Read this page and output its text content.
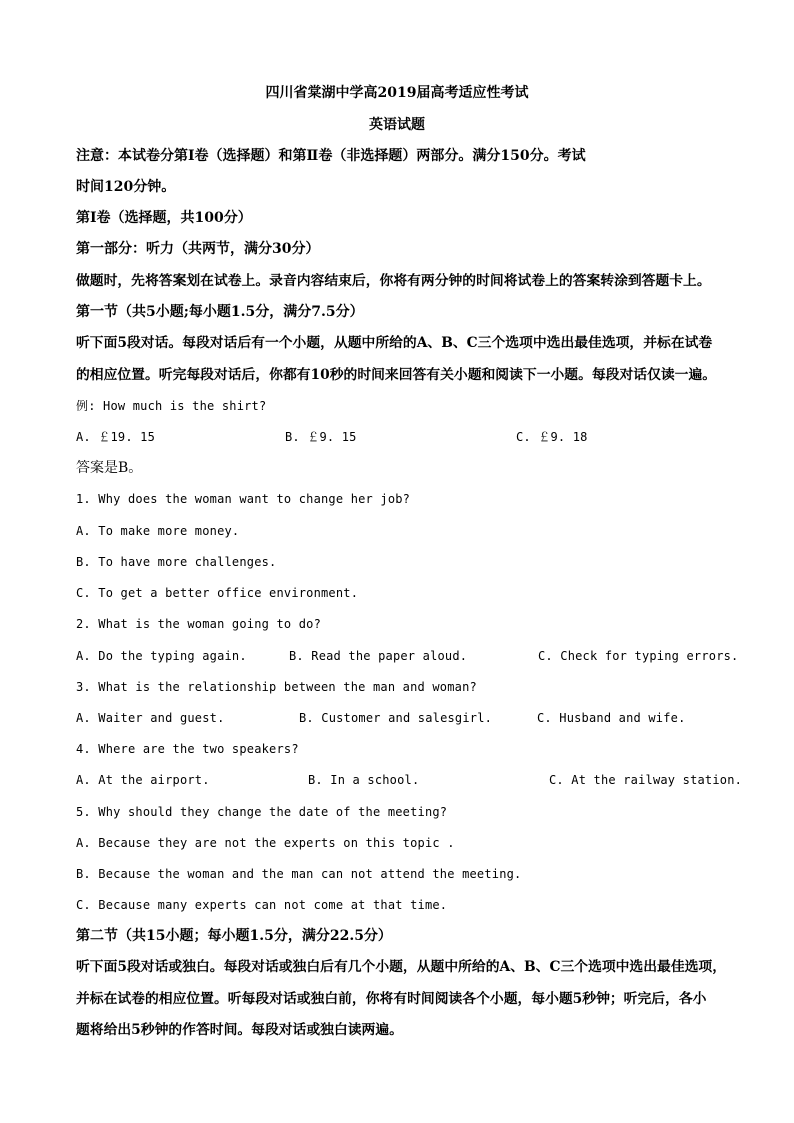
四川省棠湖中学高2019届高考适应性考试
英语试题
注意：本试卷分第Ⅰ卷（选择题）和第Ⅱ卷（非选择题）两部分。满分150分。考试
时间120分钟。
第Ⅰ卷（选择题，共100分）
第一部分：听力（共两节，满分30分）
做题时，先将答案划在试卷上。录音内容结束后，你将有两分钟的时间将试卷上的答案转涂到答题卡上。
第一节（共5小题;每小题1.5分，满分7.5分）
听下面5段对话。每段对话后有一个小题，从题中所给的A、B、C三个选项中选出最佳选项，并标在试卷
的相应位置。听完每段对话后，你都有10秒的时间来回答有关小题和阅读下一小题。每段对话仅读一遍。
例: How much is the shirt?
A. ￡19. 15	B. ￡9. 15	C. ￡9. 18
答案是B。
1. Why does the woman want to change her job?
A. To make more money.
B. To have more challenges.
C. To get a better office environment.
2. What is the woman going to do?
A. Do the typing again.	B. Read the paper aloud.	C. Check for typing errors.
3. What is the relationship between the man and woman?
A. Waiter and guest.	B. Customer and salesgirl.	C. Husband and wife.
4. Where are the two speakers?
A. At the airport.	B. In a school.	C. At the railway station.
5. Why should they change the date of the meeting?
A. Because they are not the experts on this topic .
B. Because the woman and the man can not attend the meeting.
C. Because many experts can not come at that time.
第二节（共15小题；每小题1.5分，满分22.5分）
听下面5段对话或独白。每段对话或独白后有几个小题，从题中所给的A、B、C三个选项中选出最佳选项，
并标在试卷的相应位置。听每段对话或独白前，你将有时间阅读各个小题，每小题5秒钟；听完后，各小
题将给出5秒钟的作答时间。每段对话或独白读两遍。
